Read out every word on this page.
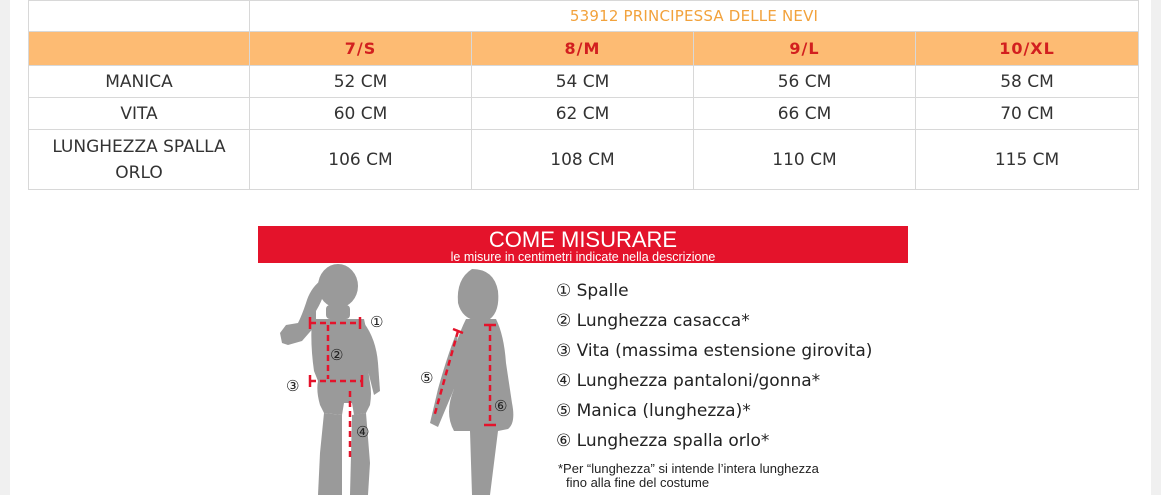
	53912 PRINCIPESSA DELLE NEVI			
	7/S	8/M	9/L	10/XL
MANICA	52 CM	54 CM	56 CM	58 CM
VITA	60 CM	62 CM	66 CM	70 CM
LUNGHEZZA SPALLA
ORLO	106 CM	108 CM	110 CM	115 CM
COME MISURARE
le misure in centimetri indicate nella descrizione
①
②
③
④
⑤
⑥
① Spalle
② Lunghezza casacca*
③ Vita (massima estensione girovita)
④ Lunghezza pantaloni/gonna*
⑤ Manica (lunghezza)*
⑥ Lunghezza spalla orlo*
*Per “lunghezza” si intende l’intera lunghezza
fino alla fine del costume
